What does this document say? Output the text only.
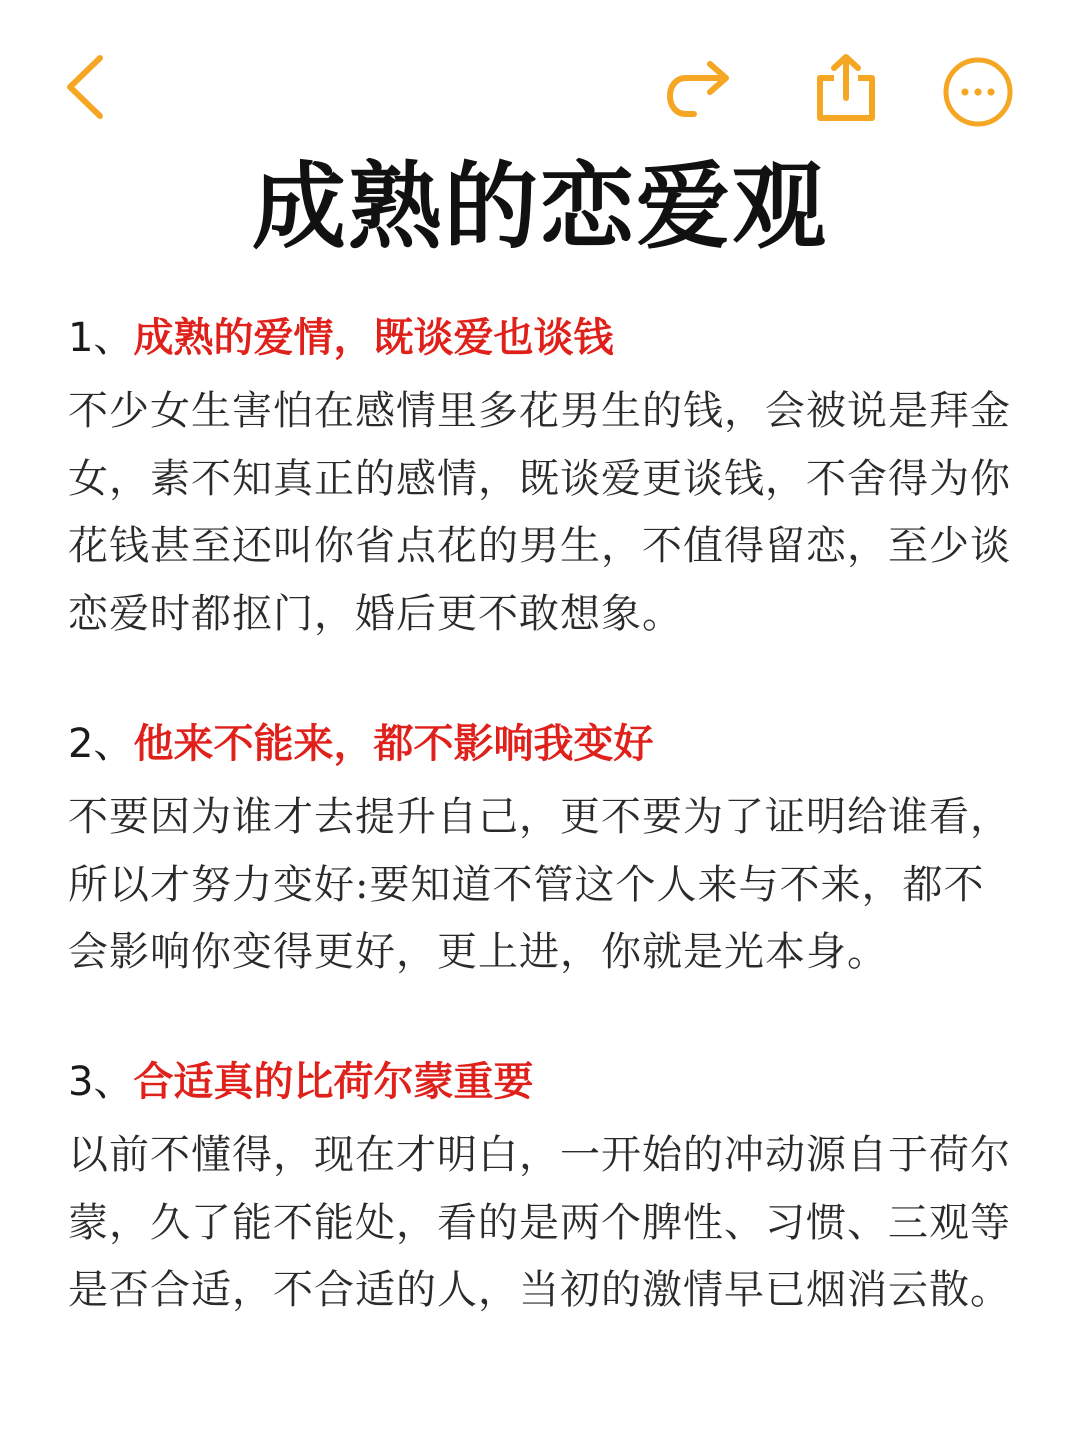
成熟的恋爱观
1、成熟的爱情，既谈爱也谈钱
不少女生害怕在感情里多花男生的钱，会被说是拜金女，素不知真正的感情，既谈爱更谈钱，不舍得为你花钱甚至还叫你省点花的男生，不值得留恋，至少谈恋爱时都抠门，婚后更不敢想象。
2、他来不能来，都不影响我变好
不要因为谁才去提升自己，更不要为了证明给谁看，所以才努力变好:要知道不管这个人来与不来，都不会影响你变得更好，更上进，你就是光本身。
3、合适真的比荷尔蒙重要
以前不懂得，现在才明白，一开始的冲动源自于荷尔蒙，久了能不能处，看的是两个脾性、习惯、三观等是否合适，不合适的人，当初的激情早已烟消云散。
